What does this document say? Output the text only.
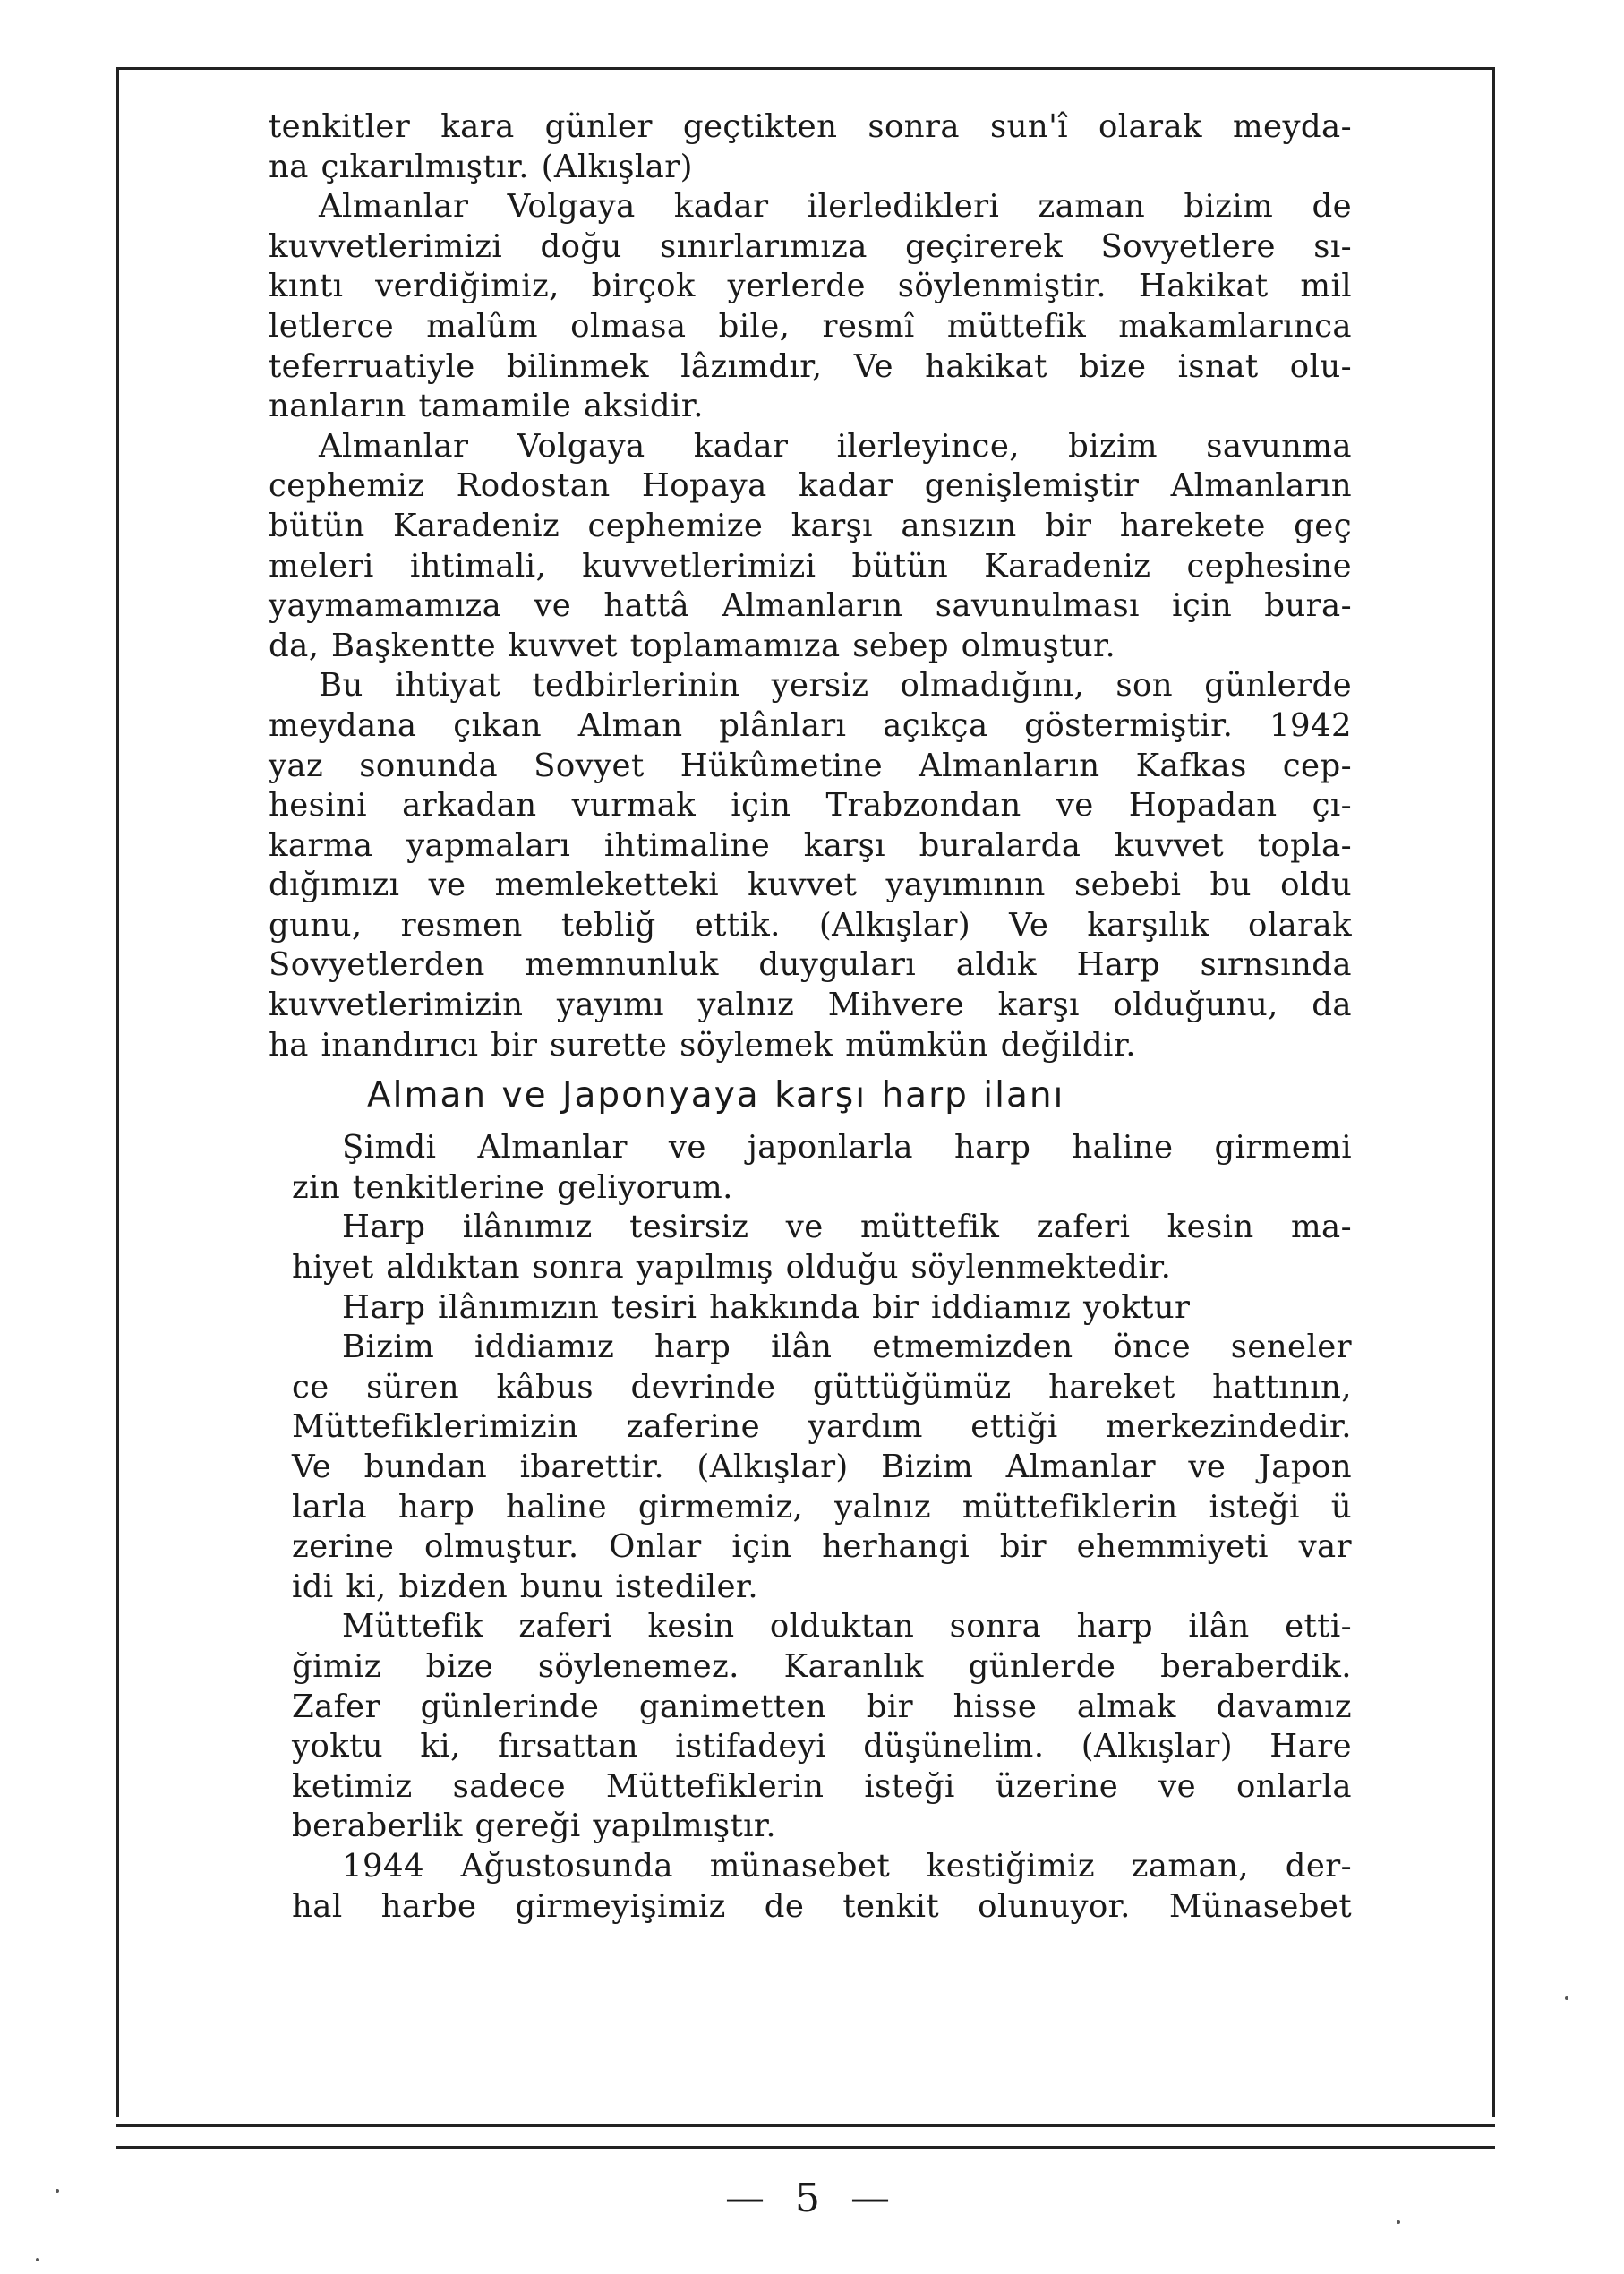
tenkitler kara günler geçtikten sonra sun'î olarak meyda-
na çıkarılmıştır. (Alkışlar)
Almanlar Volgaya kadar ilerledikleri zaman bizim de
kuvvetlerimizi doğu sınırlarımıza geçirerek Sovyetlere sı-
kıntı verdiğimiz, birçok yerlerde söylenmiştir. Hakikat mil
letlerce malûm olmasa bile, resmî müttefik makamlarınca
teferruatiyle bilinmek lâzımdır, Ve hakikat bize isnat olu-
nanların tamamile aksidir.
Almanlar Volgaya kadar ilerleyince, bizim savunma
cephemiz Rodostan Hopaya kadar genişlemiştir Almanların
bütün Karadeniz cephemize karşı ansızın bir harekete geç
meleri ihtimali, kuvvetlerimizi bütün Karadeniz cephesine
yaymamamıza ve hattâ Almanların savunulması için bura-
da, Başkentte kuvvet toplamamıza sebep olmuştur.
Bu ihtiyat tedbirlerinin yersiz olmadığını, son günlerde
meydana çıkan Alman plânları açıkça göstermiştir. 1942
yaz sonunda Sovyet Hükûmetine Almanların Kafkas cep-
hesini arkadan vurmak için Trabzondan ve Hopadan çı-
karma yapmaları ihtimaline karşı buralarda kuvvet topla-
dığımızı ve memleketteki kuvvet yayımının sebebi bu oldu
gunu, resmen tebliğ ettik. (Alkışlar) Ve karşılık olarak
Sovyetlerden memnunluk duyguları aldık Harp sırnsında
kuvvetlerimizin yayımı yalnız Mihvere karşı olduğunu, da
ha inandırıcı bir surette söylemek mümkün değildir.
Alman ve Japonyaya karşı harp ilanı
Şimdi Almanlar ve japonlarla harp haline girmemi
zin tenkitlerine geliyorum.
Harp ilânımız tesirsiz ve müttefik zaferi kesin ma-
hiyet aldıktan sonra yapılmış olduğu söylenmektedir.
Harp ilânımızın tesiri hakkında bir iddiamız yoktur
Bizim iddiamız harp ilân etmemizden önce seneler
ce süren kâbus devrinde güttüğümüz hareket hattının,
Müttefiklerimizin zaferine yardım ettiği merkezindedir.
Ve bundan ibarettir. (Alkışlar) Bizim Almanlar ve Japon
larla harp haline girmemiz, yalnız müttefiklerin isteği ü
zerine olmuştur. Onlar için herhangi bir ehemmiyeti var
idi ki, bizden bunu istediler.
Müttefik zaferi kesin olduktan sonra harp ilân etti-
ğimiz bize söylenemez. Karanlık günlerde beraberdik.
Zafer günlerinde ganimetten bir hisse almak davamız
yoktu ki, fırsattan istifadeyi düşünelim. (Alkışlar) Hare
ketimiz sadece Müttefiklerin isteği üzerine ve onlarla
beraberlik gereği yapılmıştır.
1944 Ağustosunda münasebet kestiğimiz zaman, der-
hal harbe girmeyişimiz de tenkit olunuyor. Münasebet
— 5 —
